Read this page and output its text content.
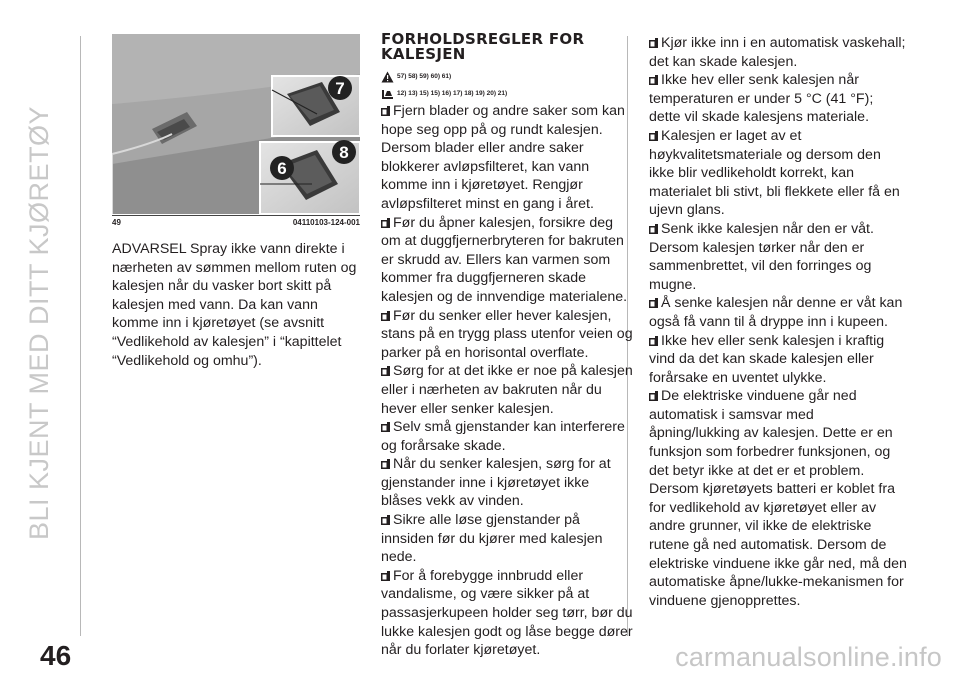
BLI KJENT MED DITT KJØRETØY
7
8
6
49	04110103-124-001
ADVARSEL Spray ikke vann direkte i nærheten av sømmen mellom ruten og kalesjen når du vasker bort skitt på kalesjen med vann. Da kan vann komme inn i kjøretøyet (se avsnitt “Vedlikehold av kalesjen” i “kapittelet “Vedlikehold og omhu”).
FORHOLDSREGLER FOR
KALESJEN
57) 58) 59) 60) 61)
12) 13) 15) 15) 16) 17) 18) 19) 20) 21)

Fjern blader og andre saker som kan hope seg opp på og rundt kalesjen. Dersom blader eller andre saker blokkerer avløpsfilteret, kan vann komme inn i kjøretøyet. Rengjør avløpsfilteret minst en gang i året.

Før du åpner kalesjen, forsikre deg om at duggfjernerbryteren for bakruten er skrudd av. Ellers kan varmen som kommer fra duggfjerneren skade kalesjen og de innvendige materialene.

Før du senker eller hever kalesjen, stans på en trygg plass utenfor veien og parker på en horisontal overflate.

Sørg for at det ikke er noe på kalesjen eller i nærheten av bakruten når du hever eller senker kalesjen.

Selv små gjenstander kan interferere og forårsake skade.

Når du senker kalesjen, sørg for at gjenstander inne i kjøretøyet ikke blåses vekk av vinden.

Sikre alle løse gjenstander på innsiden før du kjører med kalesjen nede.

For å forebygge innbrudd eller vandalisme, og være sikker på at passasjerkupeen holder seg tørr, bør du lukke kalesjen godt og låse begge dører når du forlater kjøretøyet.

Kjør ikke inn i en automatisk vaskehall; det kan skade kalesjen.

Ikke hev eller senk kalesjen når temperaturen er under 5 °C (41 °F); dette vil skade kalesjens materiale.

Kalesjen er laget av et høykvalitetsmateriale og dersom den ikke blir vedlikeholdt korrekt, kan materialet bli stivt, bli flekkete eller få en ujevn glans.

Senk ikke kalesjen når den er våt. Dersom kalesjen tørker når den er sammenbrettet, vil den forringes og mugne.

Å senke kalesjen når denne er våt kan også få vann til å dryppe inn i kupeen.

Ikke hev eller senk kalesjen i kraftig vind da det kan skade kalesjen eller forårsake en uventet ulykke.

De elektriske vinduene går ned automatisk i samsvar med åpning/lukking av kalesjen. Dette er en funksjon som forbedrer funksjonen, og det betyr ikke at det er et problem. Dersom kjøretøyets batteri er koblet fra for vedlikehold av kjøretøyet eller av andre grunner, vil ikke de elektriske rutene gå ned automatisk. Dersom de elektriske vinduene ikke går ned, må den automatiske åpne/lukke-mekanismen for vinduene gjenopprettes.

46	carmanualsonline.info
